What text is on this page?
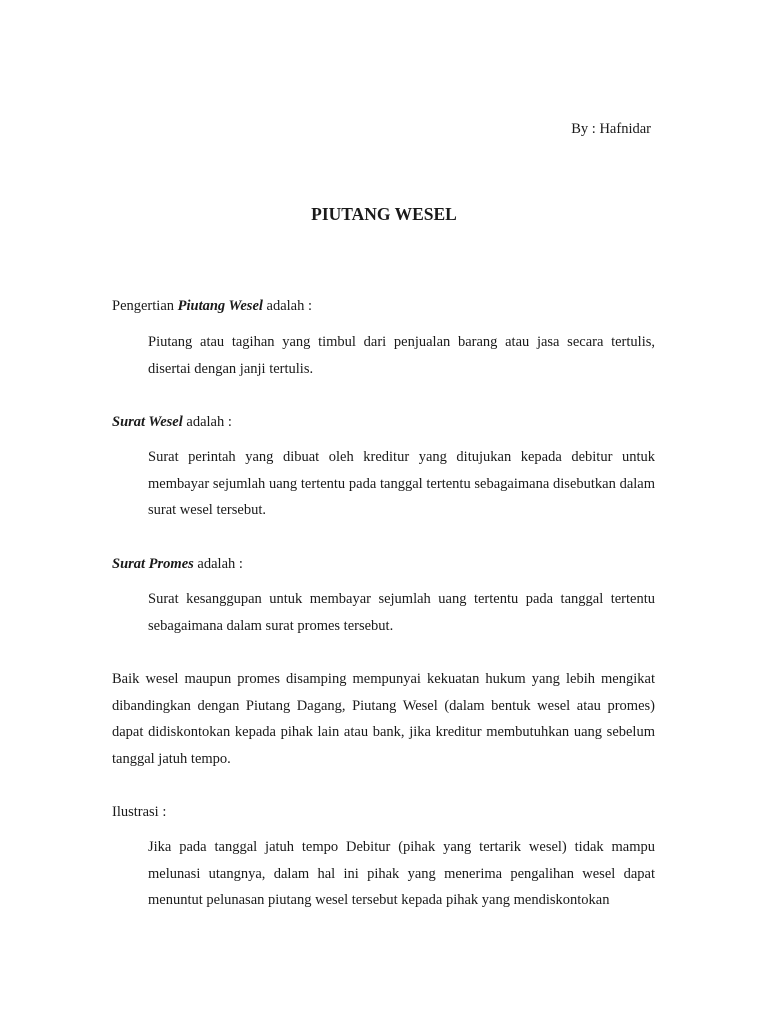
By : Hafnidar

PIUTANG WESEL

Pengertian Piutang Wesel adalah :

Piutang atau tagihan yang timbul dari penjualan barang atau jasa secara tertulis, disertai dengan janji tertulis.

Surat Wesel adalah :

Surat perintah yang dibuat oleh kreditur yang ditujukan kepada debitur untuk membayar sejumlah uang tertentu pada tanggal tertentu sebagaimana disebutkan dalam surat wesel tersebut.

Surat Promes adalah :

Surat kesanggupan untuk membayar sejumlah uang tertentu pada tanggal tertentu sebagaimana dalam surat promes tersebut.

Baik wesel maupun promes disamping mempunyai kekuatan hukum yang lebih mengikat dibandingkan dengan Piutang Dagang, Piutang Wesel (dalam bentuk wesel atau promes) dapat didiskontokan kepada pihak lain atau bank, jika kreditur membutuhkan uang sebelum tanggal jatuh tempo.

Ilustrasi :

Jika pada tanggal jatuh tempo Debitur (pihak yang tertarik wesel) tidak mampu melunasi utangnya, dalam hal ini pihak yang menerima pengalihan wesel dapat menuntut pelunasan piutang wesel tersebut kepada pihak yang mendiskontokan
